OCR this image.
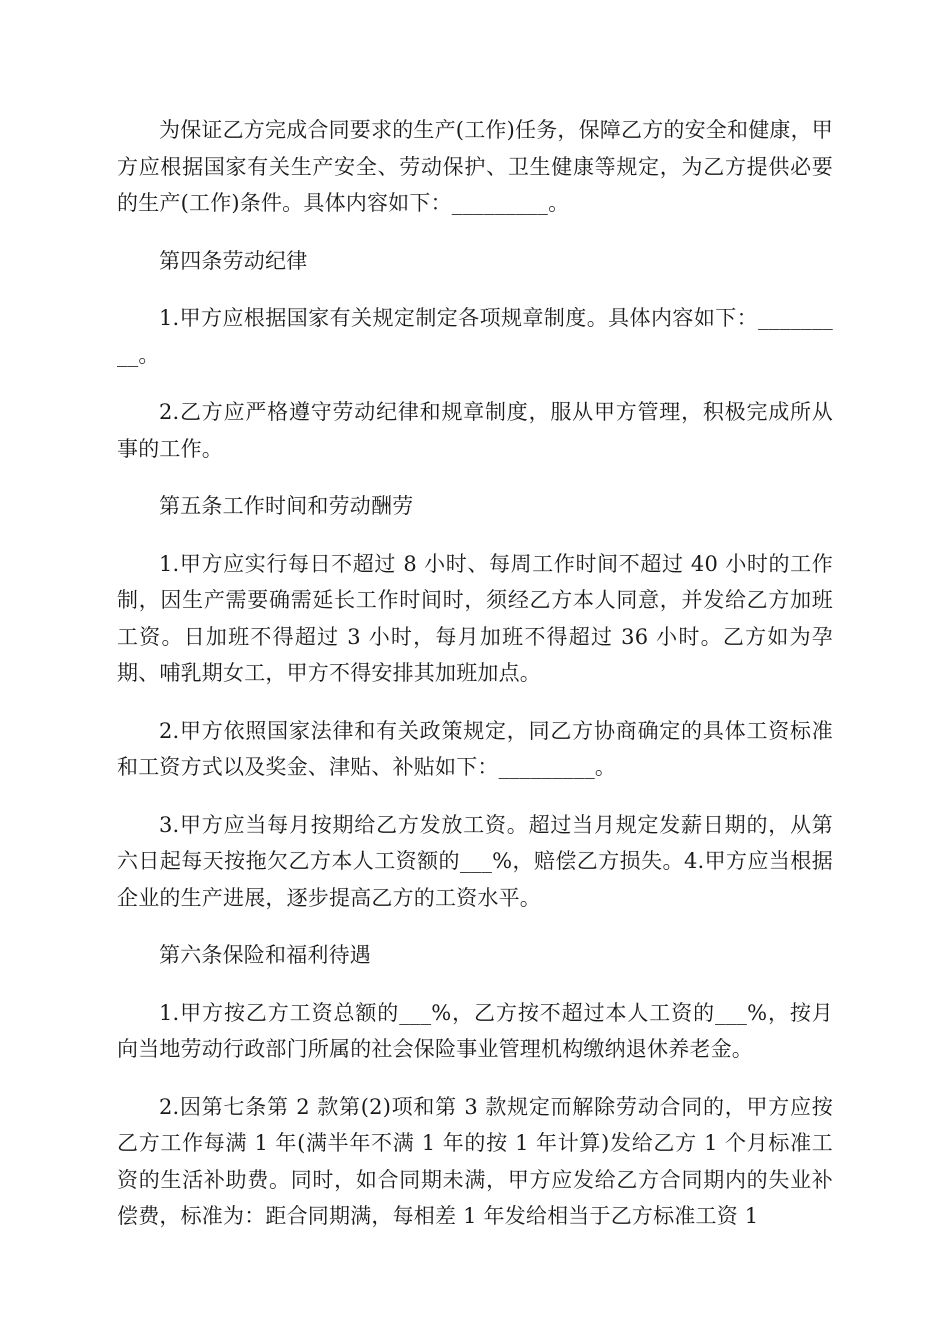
为保证乙方完成合同要求的生产(工作)任务，保障乙方的安全和健康，甲方应根据国家有关生产安全、劳动保护、卫生健康等规定，为乙方提供必要的生产(工作)条件。具体内容如下：_________。

第四条劳动纪律

1.甲方应根据国家有关规定制定各项规章制度。具体内容如下：_________。

2.乙方应严格遵守劳动纪律和规章制度，服从甲方管理，积极完成所从事的工作。

第五条工作时间和劳动酬劳

1.甲方应实行每日不超过 8 小时、每周工作时间不超过 40 小时的工作制，因生产需要确需延长工作时间时，须经乙方本人同意，并发给乙方加班工资。日加班不得超过 3 小时，每月加班不得超过 36 小时。乙方如为孕期、哺乳期女工，甲方不得安排其加班加点。

2.甲方依照国家法律和有关政策规定，同乙方协商确定的具体工资标准和工资方式以及奖金、津贴、补贴如下：_________。

3.甲方应当每月按期给乙方发放工资。超过当月规定发薪日期的，从第六日起每天按拖欠乙方本人工资额的___%，赔偿乙方损失。4.甲方应当根据企业的生产进展，逐步提高乙方的工资水平。

第六条保险和福利待遇

1.甲方按乙方工资总额的___%，乙方按不超过本人工资的___%，按月向当地劳动行政部门所属的社会保险事业管理机构缴纳退休养老金。

2.因第七条第 2 款第(2)项和第 3 款规定而解除劳动合同的，甲方应按乙方工作每满 1 年(满半年不满 1 年的按 1 年计算)发给乙方 1 个月标准工资的生活补助费。同时，如合同期未满，甲方应发给乙方合同期内的失业补偿费，标准为：距合同期满，每相差 1 年发给相当于乙方标准工资 1
